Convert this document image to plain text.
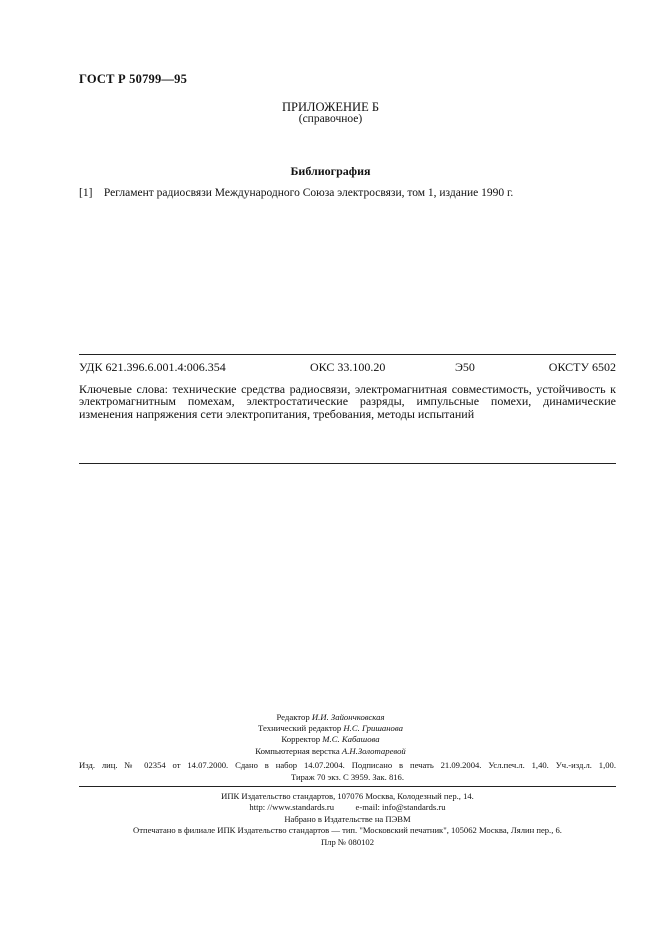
ГОСТ Р 50799—95
ПРИЛОЖЕНИЕ Б
(справочное)
Библиография
[1] Регламент радиосвязи Международного Союза электросвязи, том 1, издание 1990 г.
УДК 621.396.6.001.4:006.354	ОКС 33.100.20	Э50	ОКСТУ 6502
Ключевые слова: технические средства радиосвязи, электромагнитная совместимость, устойчивость к электромагнитным помехам, электростатические разряды, импульсные помехи, динамические изменения напряжения сети электропитания, требования, методы испытаний
Редактор И.И. Зайончковская
Технический редактор Н.С. Гришанова
Корректор М.С. Кабашова
Компьютерная верстка А.Н.Золотаревой
Изд. лиц. № 02354 от 14.07.2000. Сдано в набор 14.07.2004. Подписано в печать 21.09.2004. Усл.печ.л. 1,40. Уч.-изд.л. 1,00.
Тираж 70 экз. С 3959. Зак. 816.
ИПК Издательство стандартов, 107076 Москва, Колодезный пер., 14.
http: //www.standards.ru          e-mail: info@standards.ru
Набрано в Издательстве на ПЭВМ
Отпечатано в филиале ИПК Издательство стандартов — тип. "Московский печатник", 105062 Москва, Лялин пер., 6.
Плр № 080102
